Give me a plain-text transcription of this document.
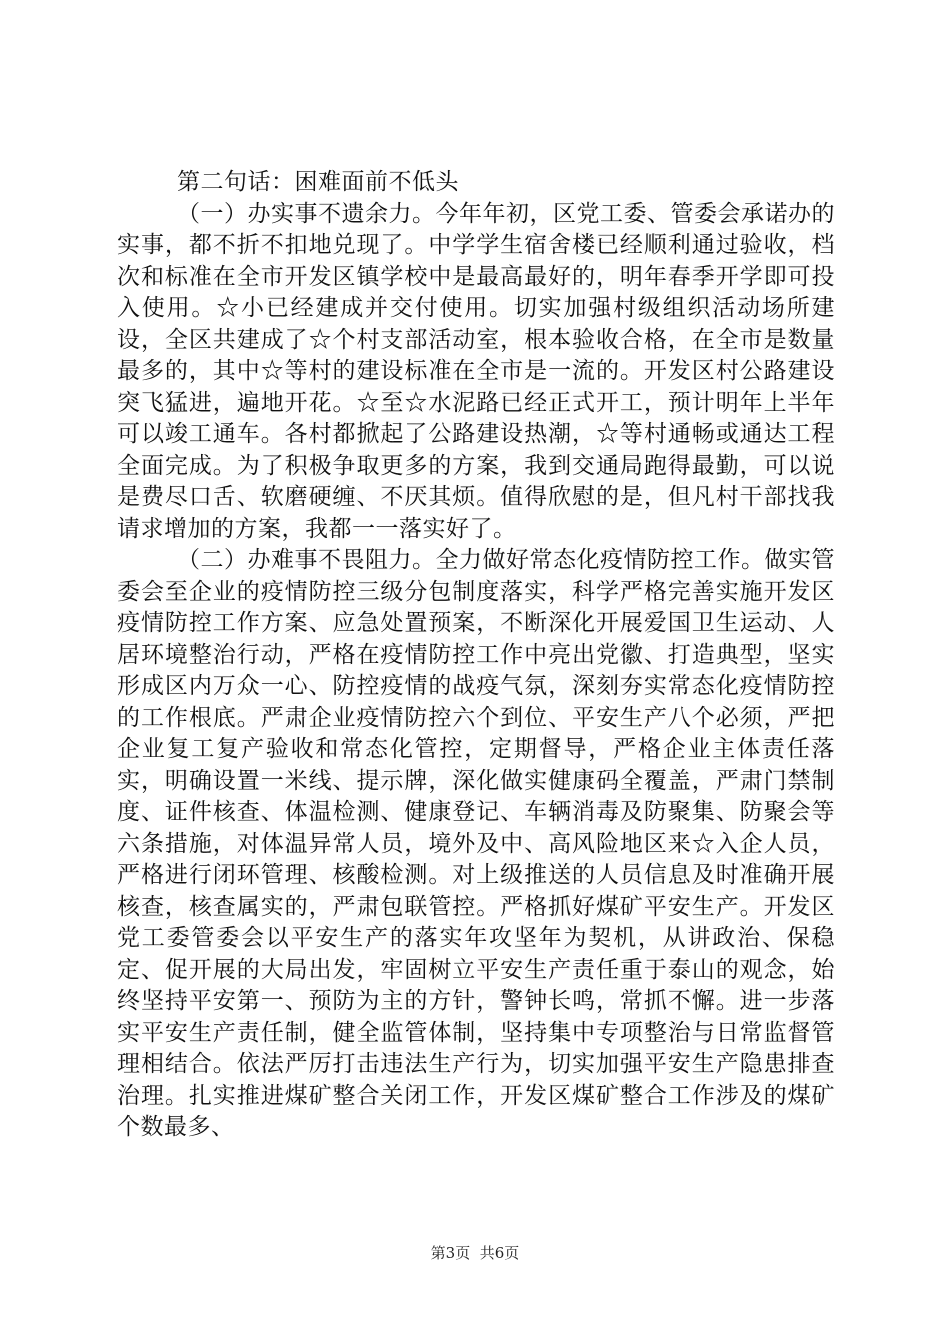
第二句话：困难面前不低头

（一）办实事不遗余力。今年年初，区党工委、管委会承诺办的实事，都不折不扣地兑现了。中学学生宿舍楼已经顺利通过验收，档次和标准在全市开发区镇学校中是最高最好的，明年春季开学即可投入使用。☆小已经建成并交付使用。切实加强村级组织活动场所建设，全区共建成了☆个村支部活动室，根本验收合格，在全市是数量最多的，其中☆等村的建设标准在全市是一流的。开发区村公路建设突飞猛进，遍地开花。☆至☆水泥路已经正式开工，预计明年上半年可以竣工通车。各村都掀起了公路建设热潮，☆等村通畅或通达工程全面完成。为了积极争取更多的方案，我到交通局跑得最勤，可以说是费尽口舌、软磨硬缠、不厌其烦。值得欣慰的是，但凡村干部找我请求增加的方案，我都一一落实好了。

（二）办难事不畏阻力。全力做好常态化疫情防控工作。做实管委会至企业的疫情防控三级分包制度落实，科学严格完善实施开发区疫情防控工作方案、应急处置预案，不断深化开展爱国卫生运动、人居环境整治行动，严格在疫情防控工作中亮出党徽、打造典型，坚实形成区内万众一心、防控疫情的战疫气氛，深刻夯实常态化疫情防控的工作根底。严肃企业疫情防控六个到位、平安生产八个必须，严把企业复工复产验收和常态化管控，定期督导，严格企业主体责任落实，明确设置一米线、提示牌，深化做实健康码全覆盖，严肃门禁制度、证件核查、体温检测、健康登记、车辆消毒及防聚集、防聚会等六条措施，对体温异常人员，境外及中、高风险地区来☆入企人员，严格进行闭环管理、核酸检测。对上级推送的人员信息及时准确开展核查，核查属实的，严肃包联管控。严格抓好煤矿平安生产。开发区党工委管委会以平安生产的落实年攻坚年为契机，从讲政治、保稳定、促开展的大局出发，牢固树立平安生产责任重于泰山的观念，始终坚持平安第一、预防为主的方针，警钟长鸣，常抓不懈。进一步落实平安生产责任制，健全监管体制，坚持集中专项整治与日常监督管理相结合。依法严厉打击违法生产行为，切实加强平安生产隐患排查治理。扎实推进煤矿整合关闭工作，开发区煤矿整合工作涉及的煤矿个数最多、

第3页 共6页
